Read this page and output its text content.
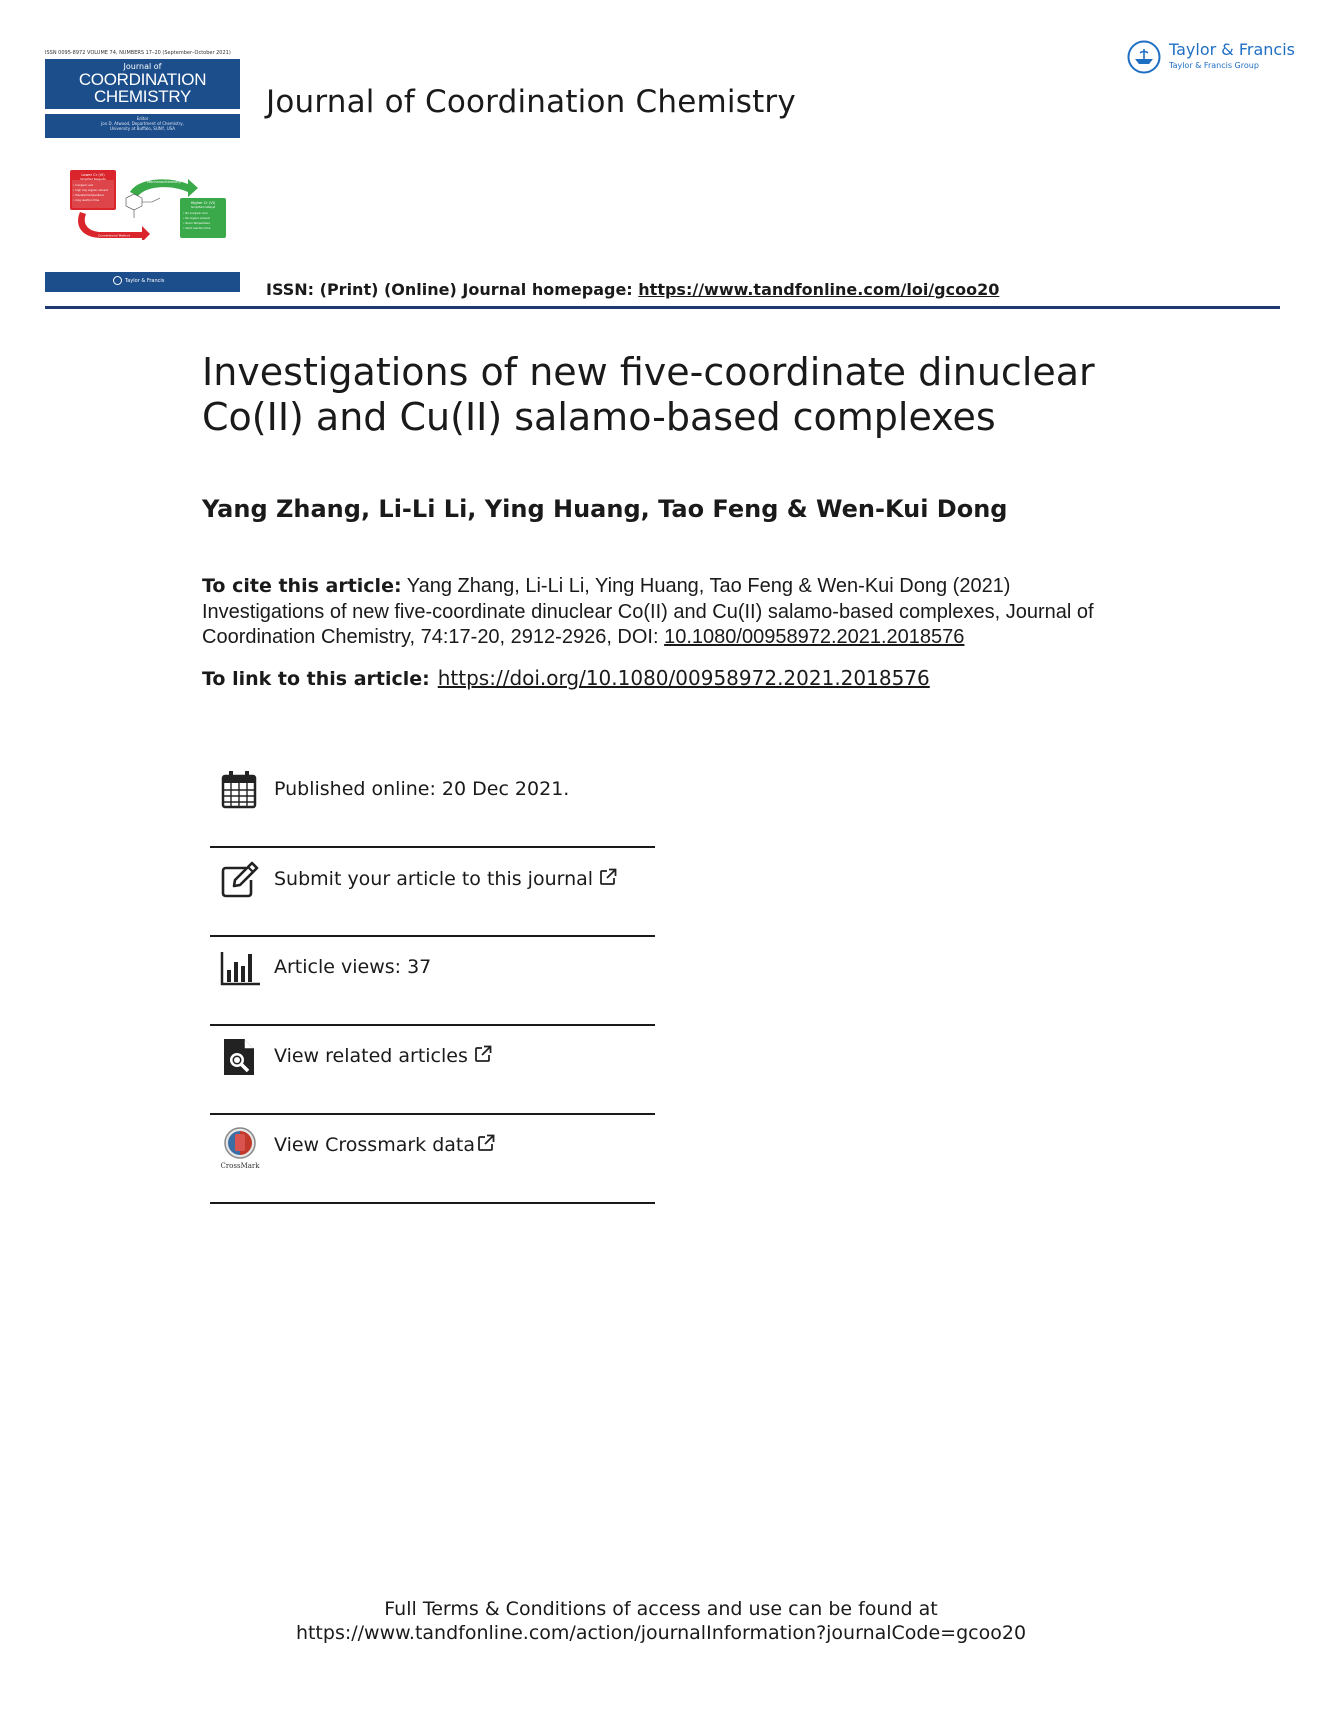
ISSN 0095-8972 VOLUME 74, NUMBERS 17–20 (September–October 2021)
Journal of
COORDINATION
CHEMISTRY
Editor
Jon D. Atwood, Department of Chemistry,
University at Buffalo, SUNY, USA
Lower Cr (VI)
Simplified Reagents
• Inorganic and
• high clay organic solvent
• Elevated temperature
• long reaction time
Mechanochemistry
Higher Cr (VI)
Simplified Catalyst
• No inorganic and
• No organic solvent
• Room Temperature
• Short reaction time
Conventional Method
Taylor & Francis
Journal of Coordination Chemistry
ISSN: (Print) (Online) Journal homepage: https://www.tandfonline.com/loi/gcoo20
Taylor & Francis
Taylor & Francis Group
Investigations of new five-coordinate dinuclear Co(II) and Cu(II) salamo-based complexes
Yang Zhang, Li-Li Li, Ying Huang, Tao Feng & Wen-Kui Dong
To cite this article: Yang Zhang, Li-Li Li, Ying Huang, Tao Feng & Wen-Kui Dong (2021) Investigations of new five-coordinate dinuclear Co(II) and Cu(II) salamo-based complexes, Journal of Coordination Chemistry, 74:17-20, 2912-2926, DOI: 10.1080/00958972.2021.2018576
To link to this article: https://doi.org/10.1080/00958972.2021.2018576
Published online: 20 Dec 2021.
Submit your article to this journal
Article views: 37
View related articles
CrossMark
View Crossmark data
Full Terms & Conditions of access and use can be found at
https://www.tandfonline.com/action/journalInformation?journalCode=gcoo20
